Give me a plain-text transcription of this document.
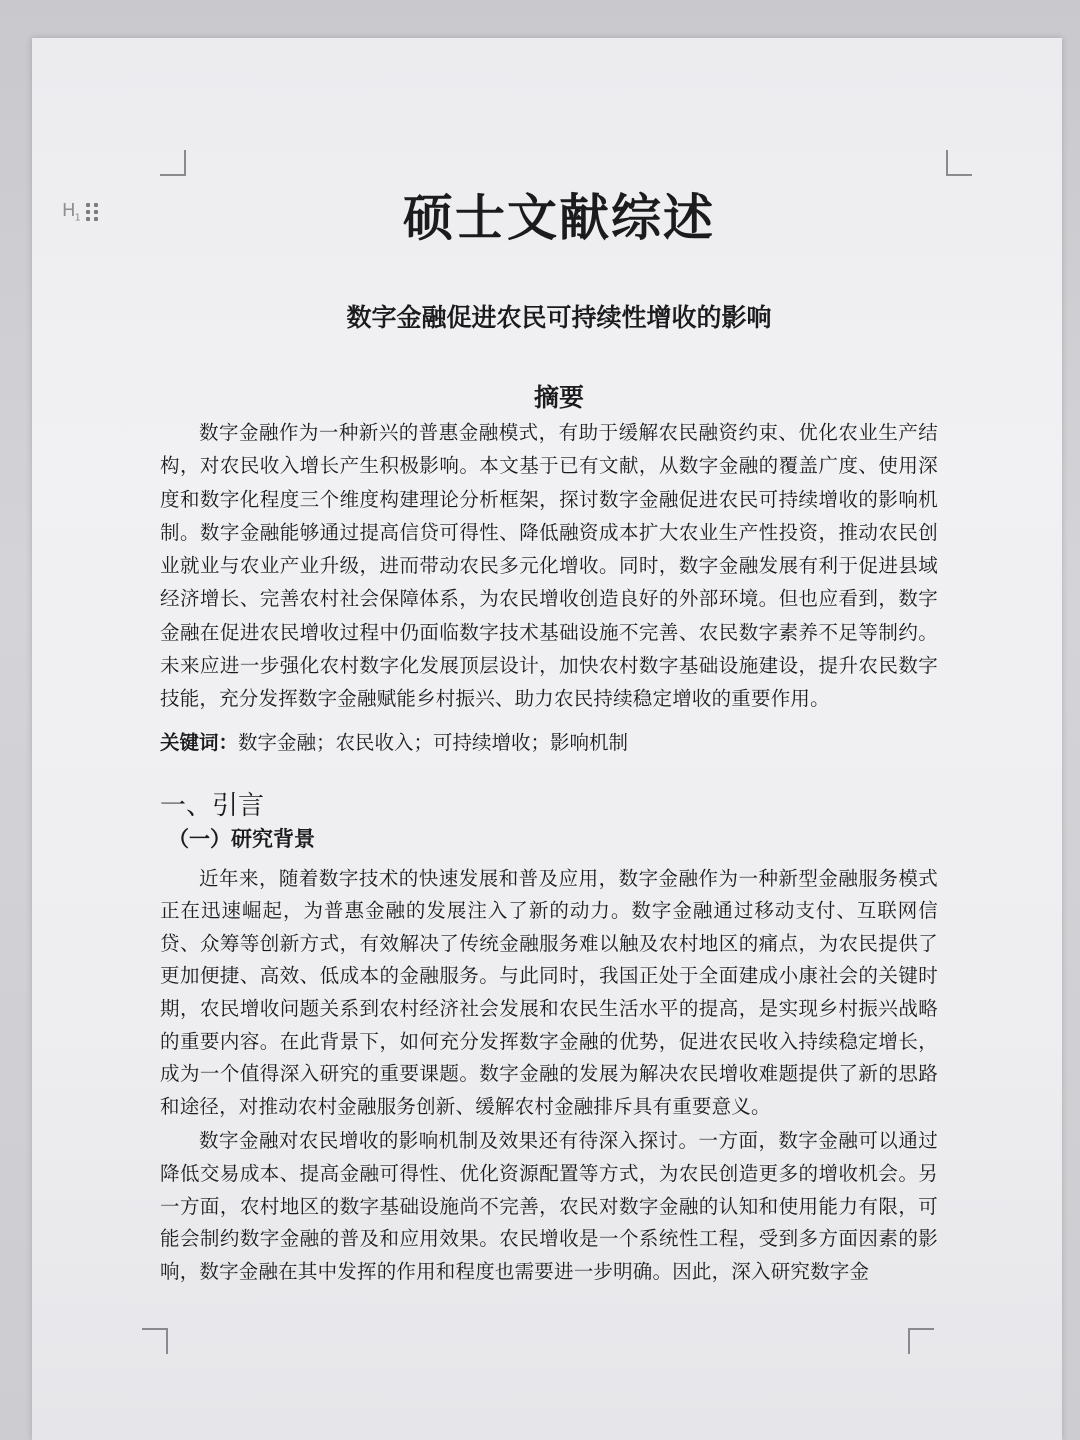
$H_1$	硕士文献综述
数字金融促进农民可持续性增收的影响
摘要

数字金融作为一种新兴的普惠金融模式，有助于缓解农民融资约束、优化农业生产结构，对农民收入增长产生积极影响。本文基于已有文献，从数字金融的覆盖广度、使用深度和数字化程度三个维度构建理论分析框架，探讨数字金融促进农民可持续增收的影响机制。数字金融能够通过提高信贷可得性、降低融资成本扩大农业生产性投资，推动农民创业就业与农业产业升级，进而带动农民多元化增收。同时，数字金融发展有利于促进县域经济增长、完善农村社会保障体系，为农民增收创造良好的外部环境。但也应看到，数字金融在促进农民增收过程中仍面临数字技术基础设施不完善、农民数字素养不足等制约。未来应进一步强化农村数字化发展顶层设计，加快农村数字基础设施建设，提升农民数字技能，充分发挥数字金融赋能乡村振兴、助力农民持续稳定增收的重要作用。

关键词：数字金融；农民收入；可持续增收；影响机制
一、引言
（一）研究背景

近年来，随着数字技术的快速发展和普及应用，数字金融作为一种新型金融服务模式正在迅速崛起，为普惠金融的发展注入了新的动力。数字金融通过移动支付、互联网信贷、众筹等创新方式，有效解决了传统金融服务难以触及农村地区的痛点，为农民提供了更加便捷、高效、低成本的金融服务。与此同时，我国正处于全面建成小康社会的关键时期，农民增收问题关系到农村经济社会发展和农民生活水平的提高，是实现乡村振兴战略的重要内容。在此背景下，如何充分发挥数字金融的优势，促进农民收入持续稳定增长，成为一个值得深入研究的重要课题。数字金融的发展为解决农民增收难题提供了新的思路和途径，对推动农村金融服务创新、缓解农村金融排斥具有重要意义。

数字金融对农民增收的影响机制及效果还有待深入探讨。一方面，数字金融可以通过降低交易成本、提高金融可得性、优化资源配置等方式，为农民创造更多的增收机会。另一方面，农村地区的数字基础设施尚不完善，农民对数字金融的认知和使用能力有限，可能会制约数字金融的普及和应用效果。农民增收是一个系统性工程，受到多方面因素的影响，数字金融在其中发挥的作用和程度也需要进一步明确。因此，深入研究数字金
